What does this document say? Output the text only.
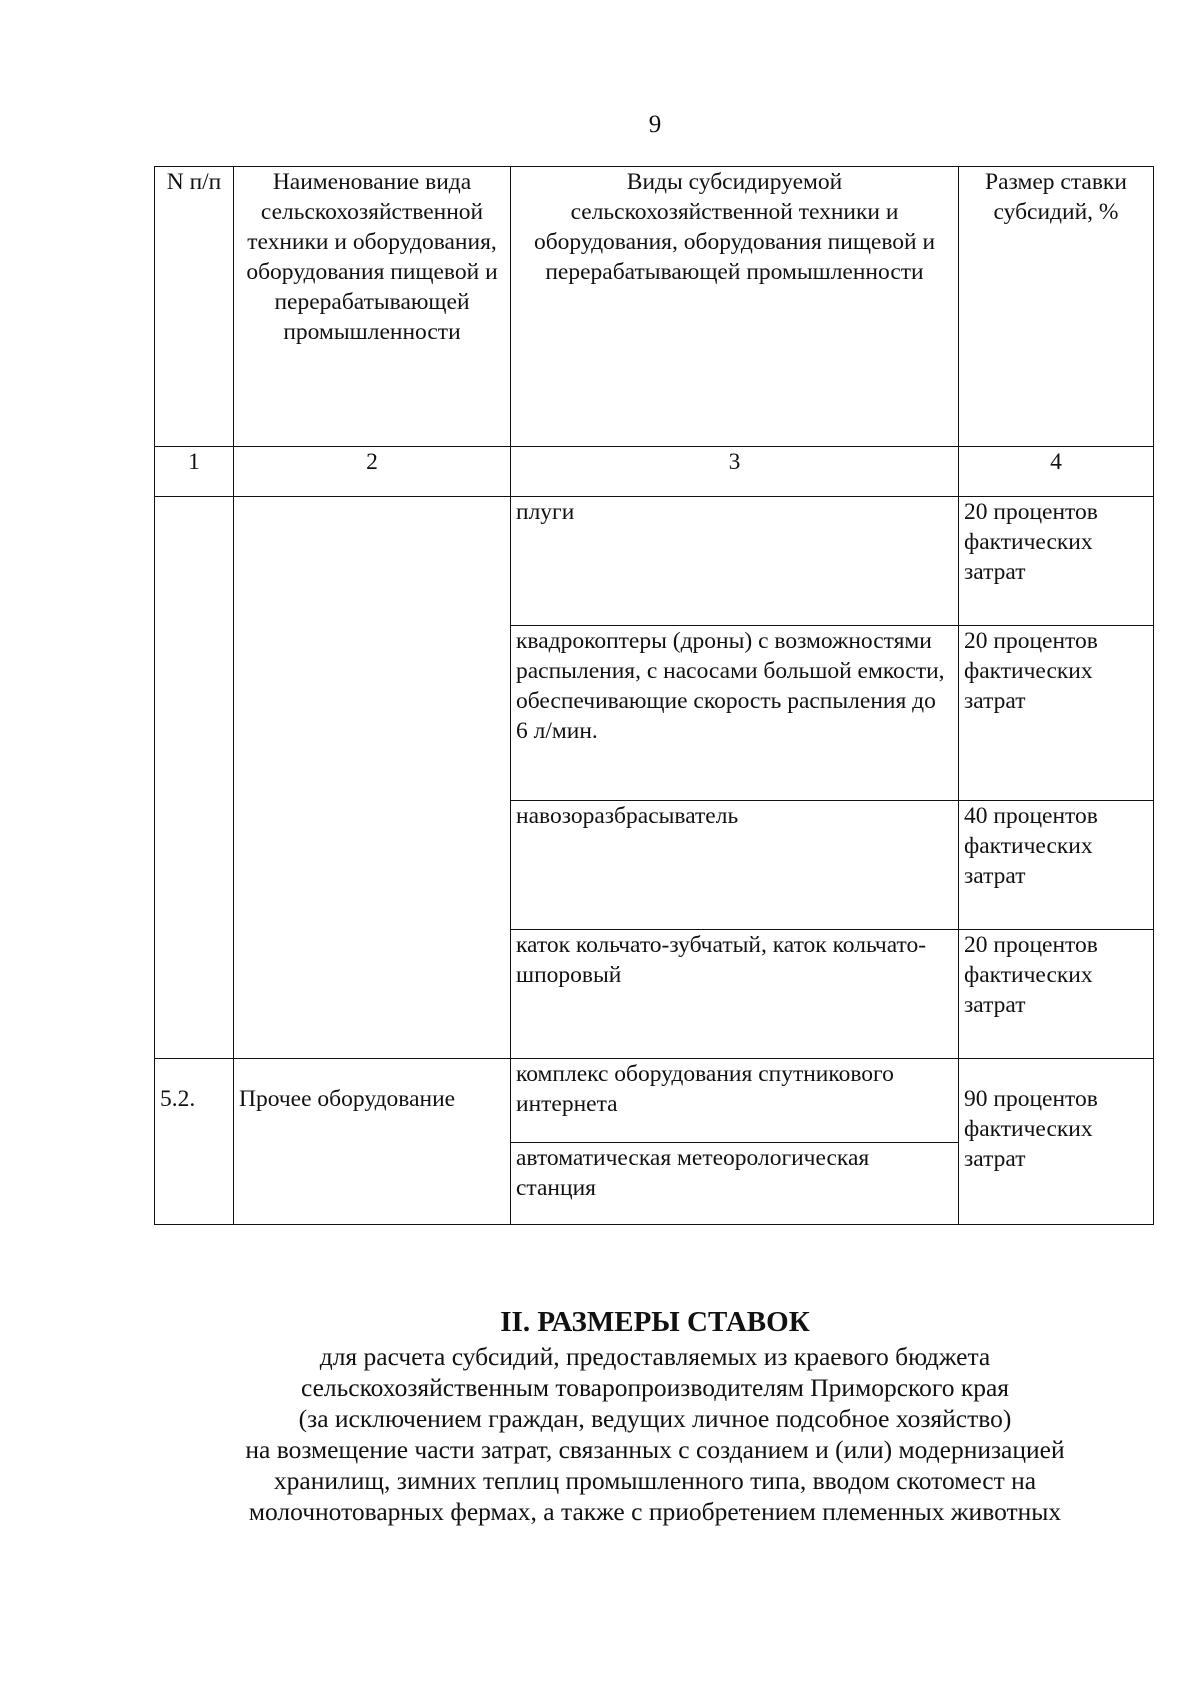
9
N п/п	Наименование вида сельскохозяйственной техники и оборудования, оборудования пищевой и перерабатывающей промышленности	Виды субсидируемой сельскохозяйственной техники и оборудования, оборудования пищевой и перерабатывающей промышленности	Размер ставки субсидий, %
1	2	3	4
		плуги	20 процентов фактических затрат
		квадрокоптеры (дроны) с возможностями распыления, с насосами большой емкости, обеспечивающие скорость распыления до 6 л/мин.	20 процентов фактических затрат
		навозоразбрасыватель	40 процентов фактических затрат
		каток кольчато-зубчатый, каток кольчато-шпоровый	20 процентов фактических затрат
5.2.	Прочее оборудование	комплекс оборудования спутникового интернета	90 процентов фактических затрат
		автоматическая метеорологическая станция	
II. РАЗМЕРЫ СТАВОК
для расчета субсидий, предоставляемых из краевого бюджета
сельскохозяйственным товаропроизводителям Приморского края
(за исключением граждан, ведущих личное подсобное хозяйство)
на возмещение части затрат, связанных с созданием и (или) модернизацией
хранилищ, зимних теплиц промышленного типа, вводом скотомест на
молочнотоварных фермах, а также с приобретением племенных животных
